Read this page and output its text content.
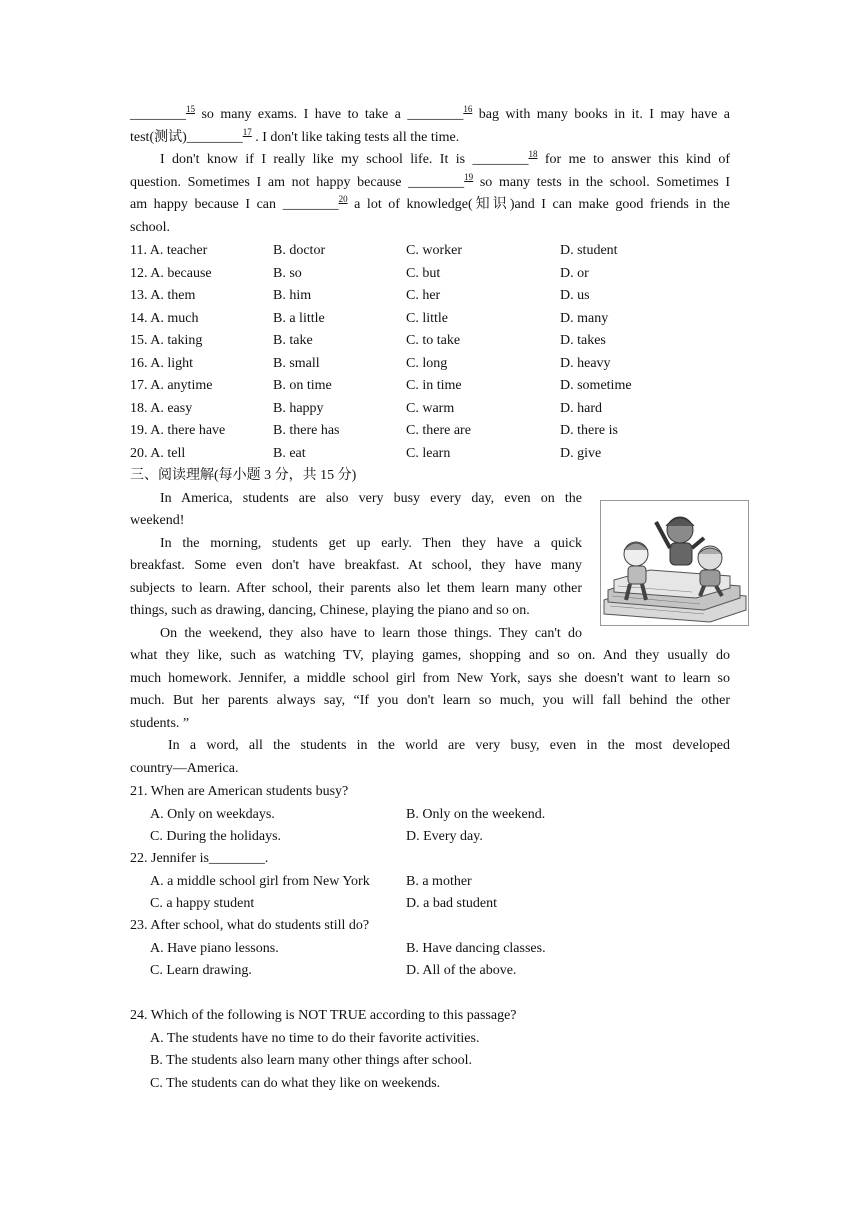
________$^{15}$ so many exams. I have to take a ________$^{16}$ bag with many books in it. I may have a
test(测试)________$^{17}$ . I don't like taking tests all the time.
I don't know if I really like my school life. It is ________$^{18}$ for me to answer this kind of
question. Sometimes I am not happy because ________$^{19}$ so many tests in the school. Sometimes I
am happy because I can ________$^{20}$ a lot of knowledge(知识)and I can make good friends in the
school.
11. A. teacher	B. doctor	C. worker	D. student
12. A. because	B. so	C. but	D. or
13. A. them	B. him	C. her	D. us
14. A. much	B. a little	C. little	D. many
15. A. taking	B. take	C. to take	D. takes
16. A. light	B. small	C. long	D. heavy
17. A. anytime	B. on time	C. in time	D. sometime
18. A. easy	B. happy	C. warm	D. hard
19. A. there have	B. there has	C. there are	D. there is
20. A. tell	B. eat	C. learn	D. give
三、阅读理解(每小题 3 分，共 15 分)
In America, students are also very busy every day, even on the
weekend!
In the morning, students get up early. Then they have a quick
breakfast. Some even don't have breakfast. At school, they have many
subjects to learn. After school, their parents also let them learn many other
things, such as drawing, dancing, Chinese, playing the piano and so on.
On the weekend, they also have to learn those things. They can't do
what they like, such as watching TV, playing games, shopping and so on. And they usually do
much homework. Jennifer, a middle school girl from New York, says she doesn't want to learn so
much. But her parents always say, “If you don't learn so much, you will fall behind the other
students. ”
In a word, all the students in the world are very busy, even in the most developed
country—America.
21. When are American students busy?
A. Only on weekdays.	B. Only on the weekend.
C. During the holidays.	D. Every day.
22. Jennifer is________.
A. a middle school girl from New York	B. a mother
C. a happy student	D. a bad student
23. After school, what do students still do?
A. Have piano lessons.	B. Have dancing classes.
C. Learn drawing.	D. All of the above.
24. Which of the following is NOT TRUE according to this passage?
A. The students have no time to do their favorite activities.
B. The students also learn many other things after school.
C. The students can do what they like on weekends.
